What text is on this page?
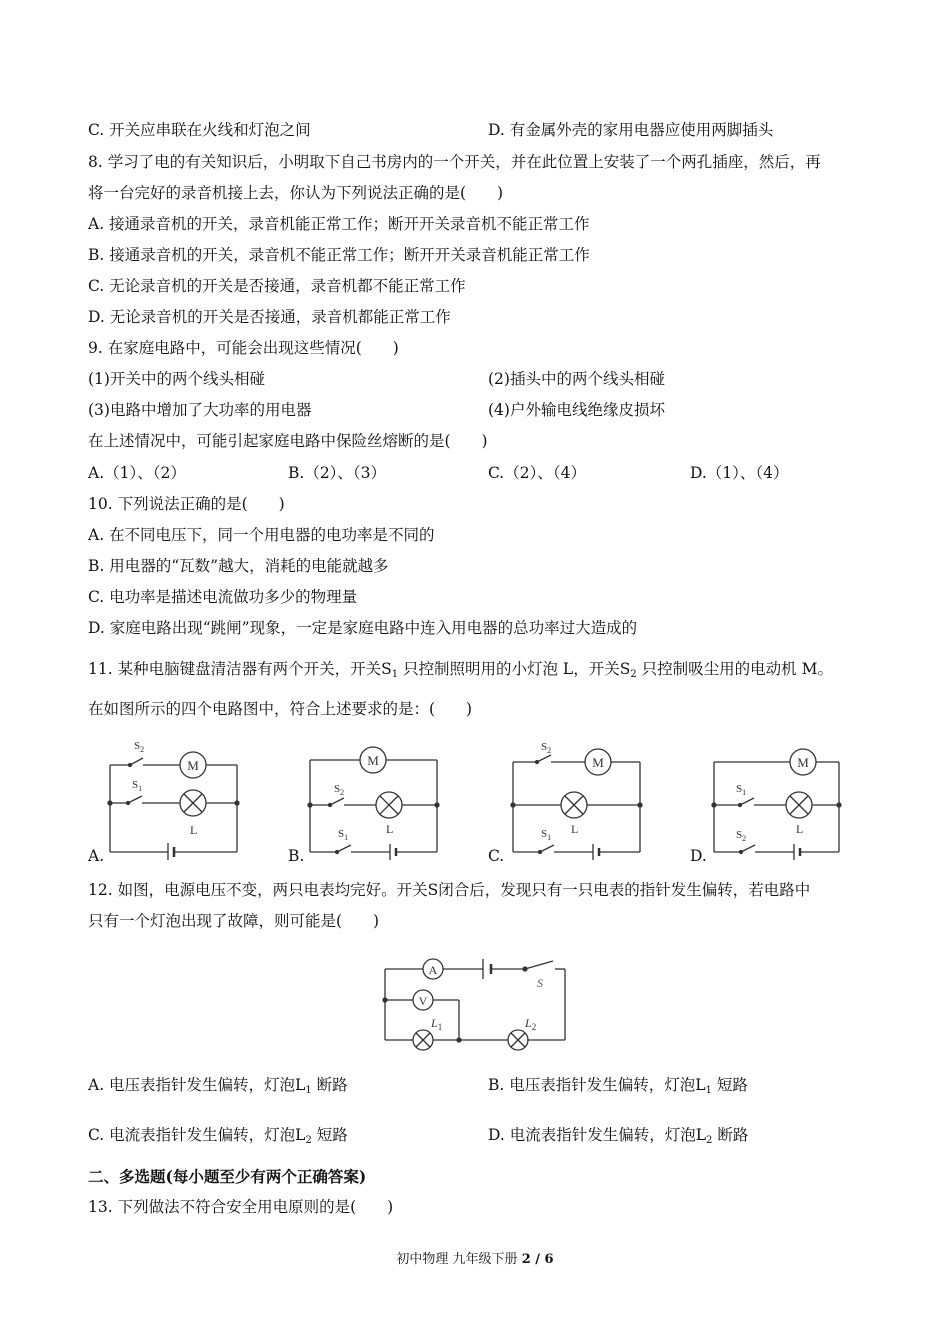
C. 开关应串联在火线和灯泡之间	D. 有金属外壳的家用电器应使用两脚插头
8. 学习了电的有关知识后，小明取下自己书房内的一个开关，并在此位置上安装了一个两孔插座，然后，再
将一台完好的录音机接上去，你认为下列说法正确的是(　　)
A. 接通录音机的开关，录音机能正常工作；断开开关录音机不能正常工作
B. 接通录音机的开关，录音机不能正常工作；断开开关录音机能正常工作
C. 无论录音机的开关是否接通，录音机都不能正常工作
D. 无论录音机的开关是否接通，录音机都能正常工作
9. 在家庭电路中，可能会出现这些情况(　　)
(1)开关中的两个线头相碰	(2)插头中的两个线头相碰
(3)电路中增加了大功率的用电器	(4)户外输电线绝缘皮损坏
在上述情况中，可能引起家庭电路中保险丝熔断的是(　　)
A.（1）、（2）	B.（2）、（3）	C.（2）、（4）	D.（1）、（4）
10. 下列说法正确的是(　　)
A. 在不同电压下，同一个用电器的电功率是不同的
B. 用电器的“瓦数”越大，消耗的电能就越多
C. 电功率是描述电流做功多少的物理量
D. 家庭电路出现“跳闸”现象，一定是家庭电路中连入用电器的总功率过大造成的
11. 某种电脑键盘清洁器有两个开关，开关$S_1$ 只控制照明用的小灯泡 L，开关$S_2$ 只控制吸尘用的电动机 M。
在如图所示的四个电路图中，符合上述要求的是：(　　)
M
$S_2$
$S_1$
L
A.
M
$S_2$
$S_1$
L
B.
M
$S_2$
$S_1$
L
C.
M
$S_1$
$S_2$
L
D.
12. 如图，电源电压不变，两只电表均完好。开关S闭合后，发现只有一只电表的指针发生偏转，若电路中
只有一个灯泡出现了故障，则可能是(　　)
A
S
V
$L_1$	$L_2$
A. 电压表指针发生偏转，灯泡$L_1$ 断路	B. 电压表指针发生偏转，灯泡$L_1$ 短路
C. 电流表指针发生偏转，灯泡$L_2$ 短路	D. 电流表指针发生偏转，灯泡$L_2$ 断路
二、多选题(每小题至少有两个正确答案)
13. 下列做法不符合安全用电原则的是(　　)
初中物理 九年级下册 2 / 6
